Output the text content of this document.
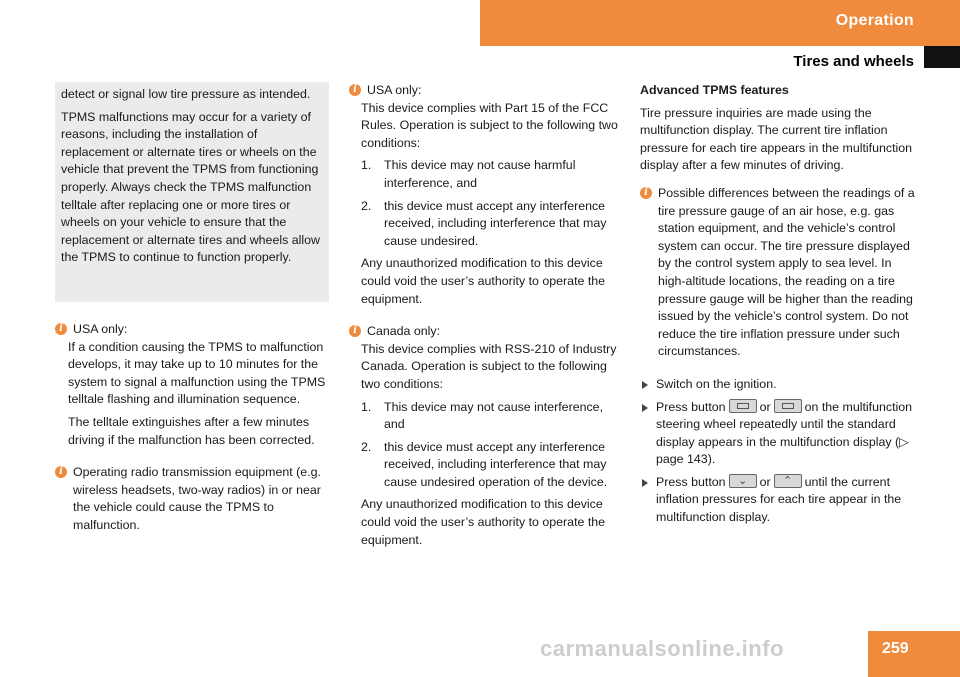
Operation
Tires and wheels

detect or signal low tire pressure as intended.

TPMS malfunctions may occur for a variety of reasons, including the installation of replacement or alternate tires or wheels on the vehicle that prevent the TPMS from functioning properly. Always check the TPMS malfunction telltale after replacing one or more tires or wheels on your vehicle to ensure that the replacement or alternate tires and wheels allow the TPMS to continue to function properly.

i USA only:

If a condition causing the TPMS to malfunction develops, it may take up to 10 minutes for the system to signal a malfunction using the TPMS telltale flashing and illumination sequence.

The telltale extinguishes after a few minutes driving if the malfunction has been corrected.

i Operating radio transmission equipment (e.g. wireless headsets, two-way radios) in or near the vehicle could cause the TPMS to malfunction.
i USA only:

This device complies with Part 15 of the FCC Rules. Operation is subject to the following two conditions:

1.	This device may not cause harmful interference, and
2.	this device must accept any interference received, including interference that may cause undesired.

Any unauthorized modification to this device could void the user’s authority to operate the equipment.

i Canada only:

This device complies with RSS-210 of Industry Canada. Operation is subject to the following two conditions:

1.	This device may not cause interference, and
2.	this device must accept any interference received, including interference that may cause undesired operation of the device.

Any unauthorized modification to this device could void the user’s authority to operate the equipment.

Advanced TPMS features

Tire pressure inquiries are made using the multifunction display. The current tire inflation pressure for each tire appears in the multifunction display after a few minutes of driving.

i Possible differences between the readings of a tire pressure gauge of an air hose, e.g. gas station equipment, and the vehicle’s control system can occur. The tire pressure displayed by the control system apply to sea level. In high-altitude locations, the reading on a tire pressure gauge will be higher than the reading issued by the vehicle’s control system. Do not reduce the tire inflation pressure under such circumstances.
Switch on the ignition.
Press button	or	on the multifunction steering wheel repeatedly until the standard display appears in the multifunction display (▷ page 143).
Press button ⌄	or ⌃	until the current inflation pressures for each tire appear in the multifunction display.
carmanualsonline.info	259
